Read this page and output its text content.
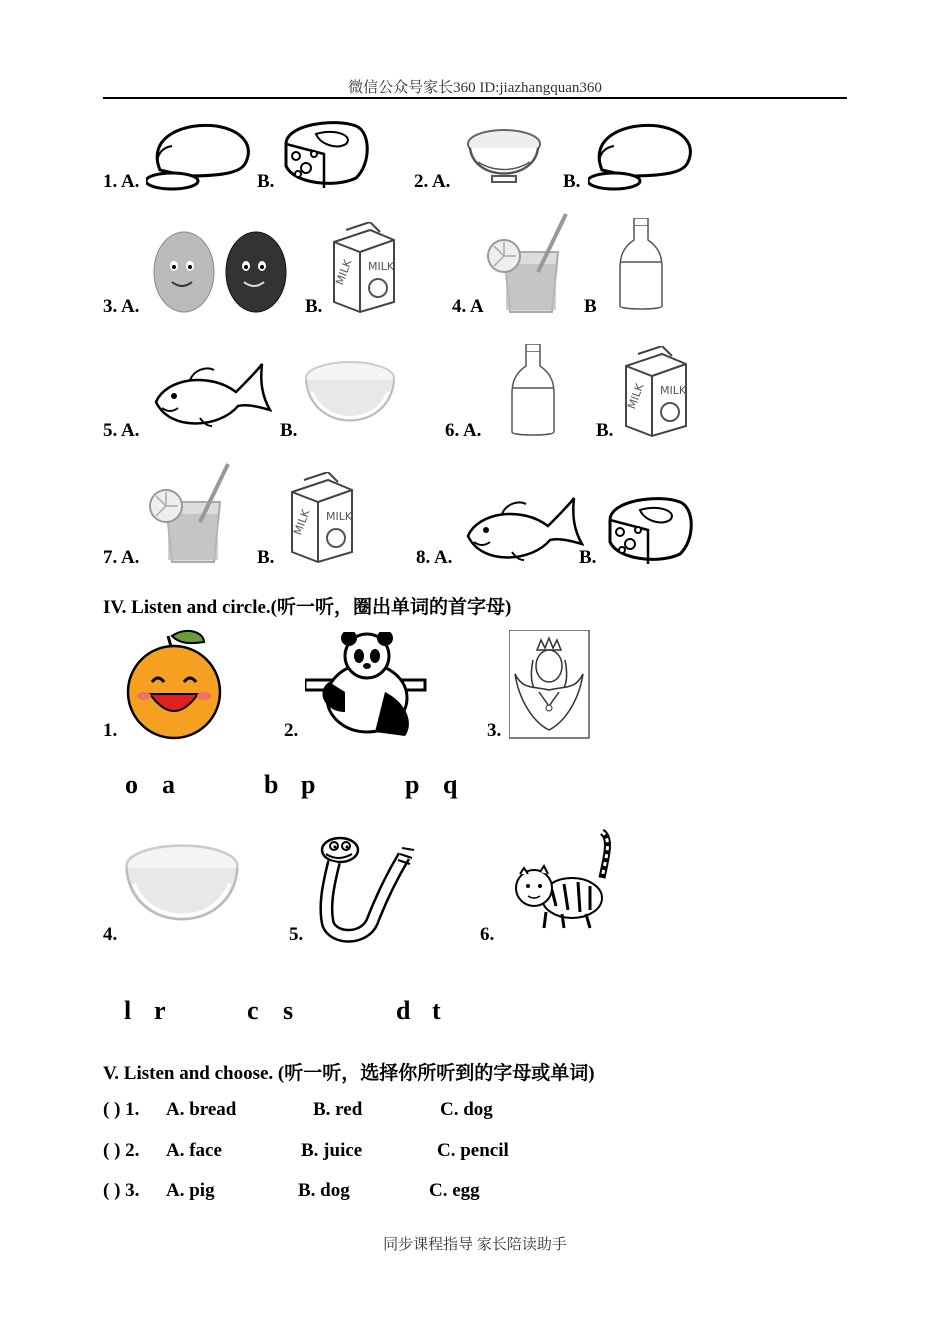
微信公众号家长360 ID:jiazhangquan360
1. A.	B.	2. A.	B.
3. A.	B.	4. A	B
5. A.	B.	6. A.	B.
7. A.	B.	8. A.	B.
IV. Listen and circle.(听一听，圈出单词的首字母)
1.	2.	3.
o a	b p	p q
4.	5.	6.
l r	c s	d t
V. Listen and choose. (听一听，选择你所听到的字母或单词)
( ) 1. A. bread	B. red	C. dog
( ) 2. A. face	B. juice	C. pencil
( ) 3. A. pig	B. dog	C. egg
同步课程指导 家长陪读助手
